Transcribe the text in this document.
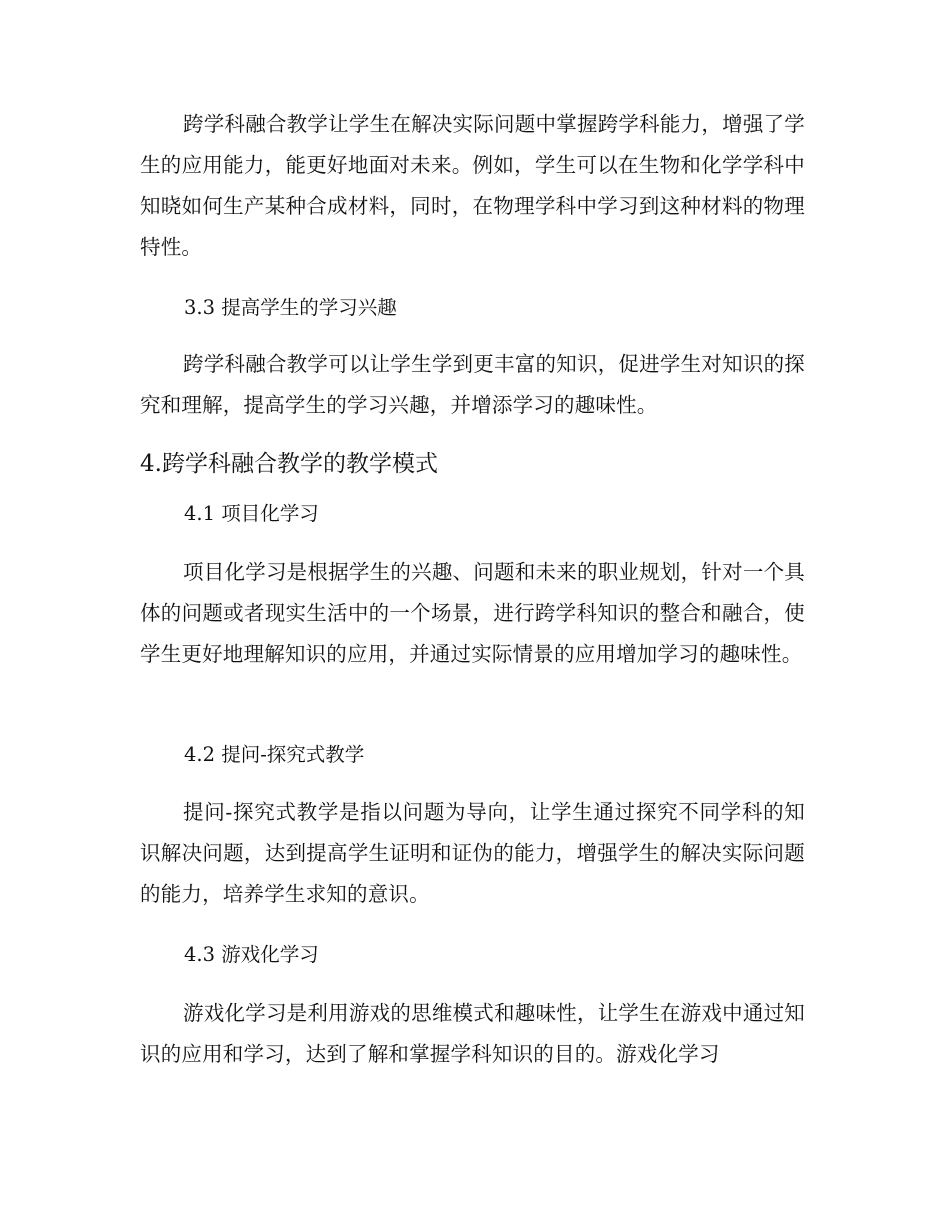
跨学科融合教学让学生在解决实际问题中掌握跨学科能力，增强了学生的应用能力，能更好地面对未来。例如，学生可以在生物和化学学科中知晓如何生产某种合成材料，同时，在物理学科中学习到这种材料的物理特性。

3.3 提高学生的学习兴趣

跨学科融合教学可以让学生学到更丰富的知识，促进学生对知识的探究和理解，提高学生的学习兴趣，并增添学习的趣味性。

4.跨学科融合教学的教学模式

4.1 项目化学习

项目化学习是根据学生的兴趣、问题和未来的职业规划，针对一个具体的问题或者现实生活中的一个场景，进行跨学科知识的整合和融合，使学生更好地理解知识的应用，并通过实际情景的应用增加学习的趣味性。

4.2 提问-探究式教学

提问-探究式教学是指以问题为导向，让学生通过探究不同学科的知识解决问题，达到提高学生证明和证伪的能力，增强学生的解决实际问题的能力，培养学生求知的意识。

4.3 游戏化学习

游戏化学习是利用游戏的思维模式和趣味性，让学生在游戏中通过知识的应用和学习，达到了解和掌握学科知识的目的。游戏化学习
